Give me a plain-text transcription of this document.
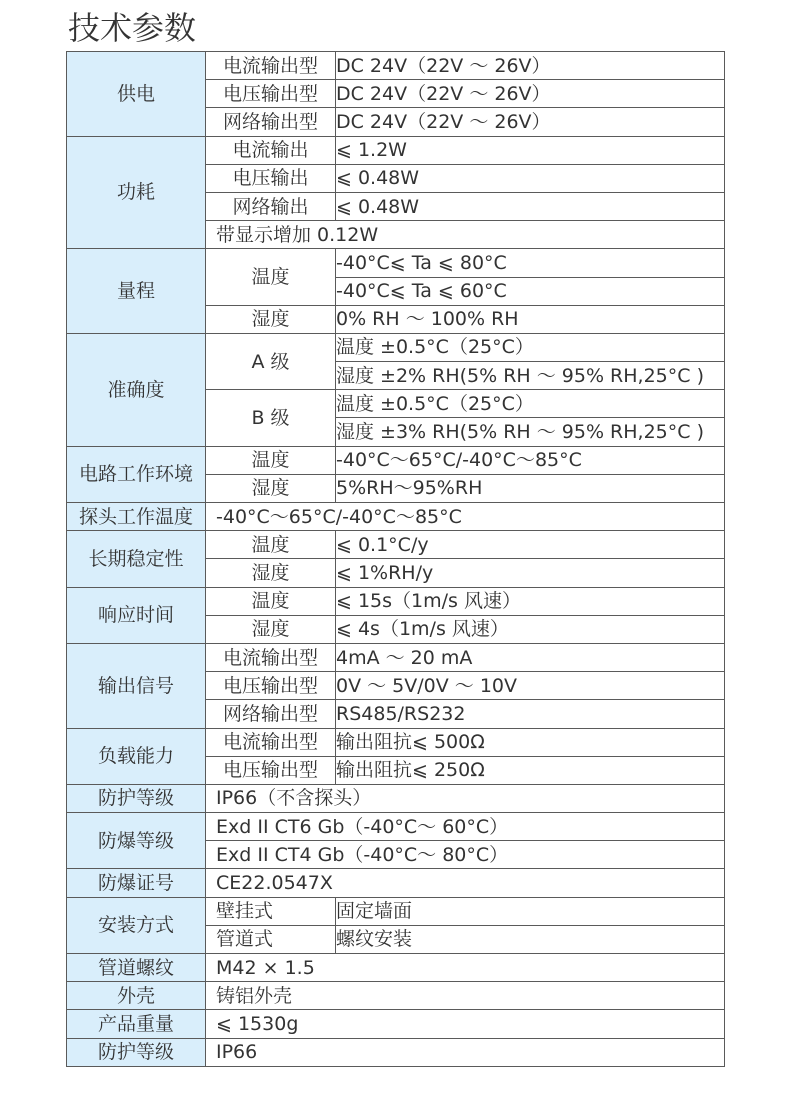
技术参数
供电	电流输出型	DC 24V（22V ～ 26V）
	电压输出型	DC 24V（22V ～ 26V）
	网络输出型	DC 24V（22V ～ 26V）
功耗	电流输出	⩽ 1.2W
	电压输出	⩽ 0.48W
	网络输出	⩽ 0.48W
	带显示增加 0.12W	
量程	温度	-40°C⩽ Ta ⩽ 80°C
		-40°C⩽ Ta ⩽ 60°C
	湿度	0% RH ～ 100% RH
准确度	A 级	温度 ±0.5°C（25°C）
		湿度 ±2% RH(5% RH ～ 95% RH,25°C )
	B 级	温度 ±0.5°C（25°C）
		湿度 ±3% RH(5% RH ～ 95% RH,25°C )
电路工作环境	温度	-40°C～65°C/-40°C～85°C
	湿度	5%RH～95%RH
探头工作温度	-40°C～65°C/-40°C～85°C	
长期稳定性	温度	⩽ 0.1°C/y
	湿度	⩽ 1%RH/y
响应时间	温度	⩽ 15s（1m/s 风速）
	湿度	⩽ 4s（1m/s 风速）
输出信号	电流输出型	4mA ～ 20 mA
	电压输出型	0V ～ 5V/0V ～ 10V
	网络输出型	RS485/RS232
负载能力	电流输出型	输出阻抗⩽ 500Ω
	电压输出型	输出阻抗⩽ 250Ω
防护等级	IP66（不含探头）	
防爆等级	Exd II CT6 Gb（-40°C～ 60°C）	
	Exd II CT4 Gb（-40°C～ 80°C）	
防爆证号	CE22.0547X	
安装方式	壁挂式	固定墙面
	管道式	螺纹安装
管道螺纹	M42 × 1.5	
外壳	铸铝外壳	
产品重量	⩽ 1530g	
防护等级	IP66	
